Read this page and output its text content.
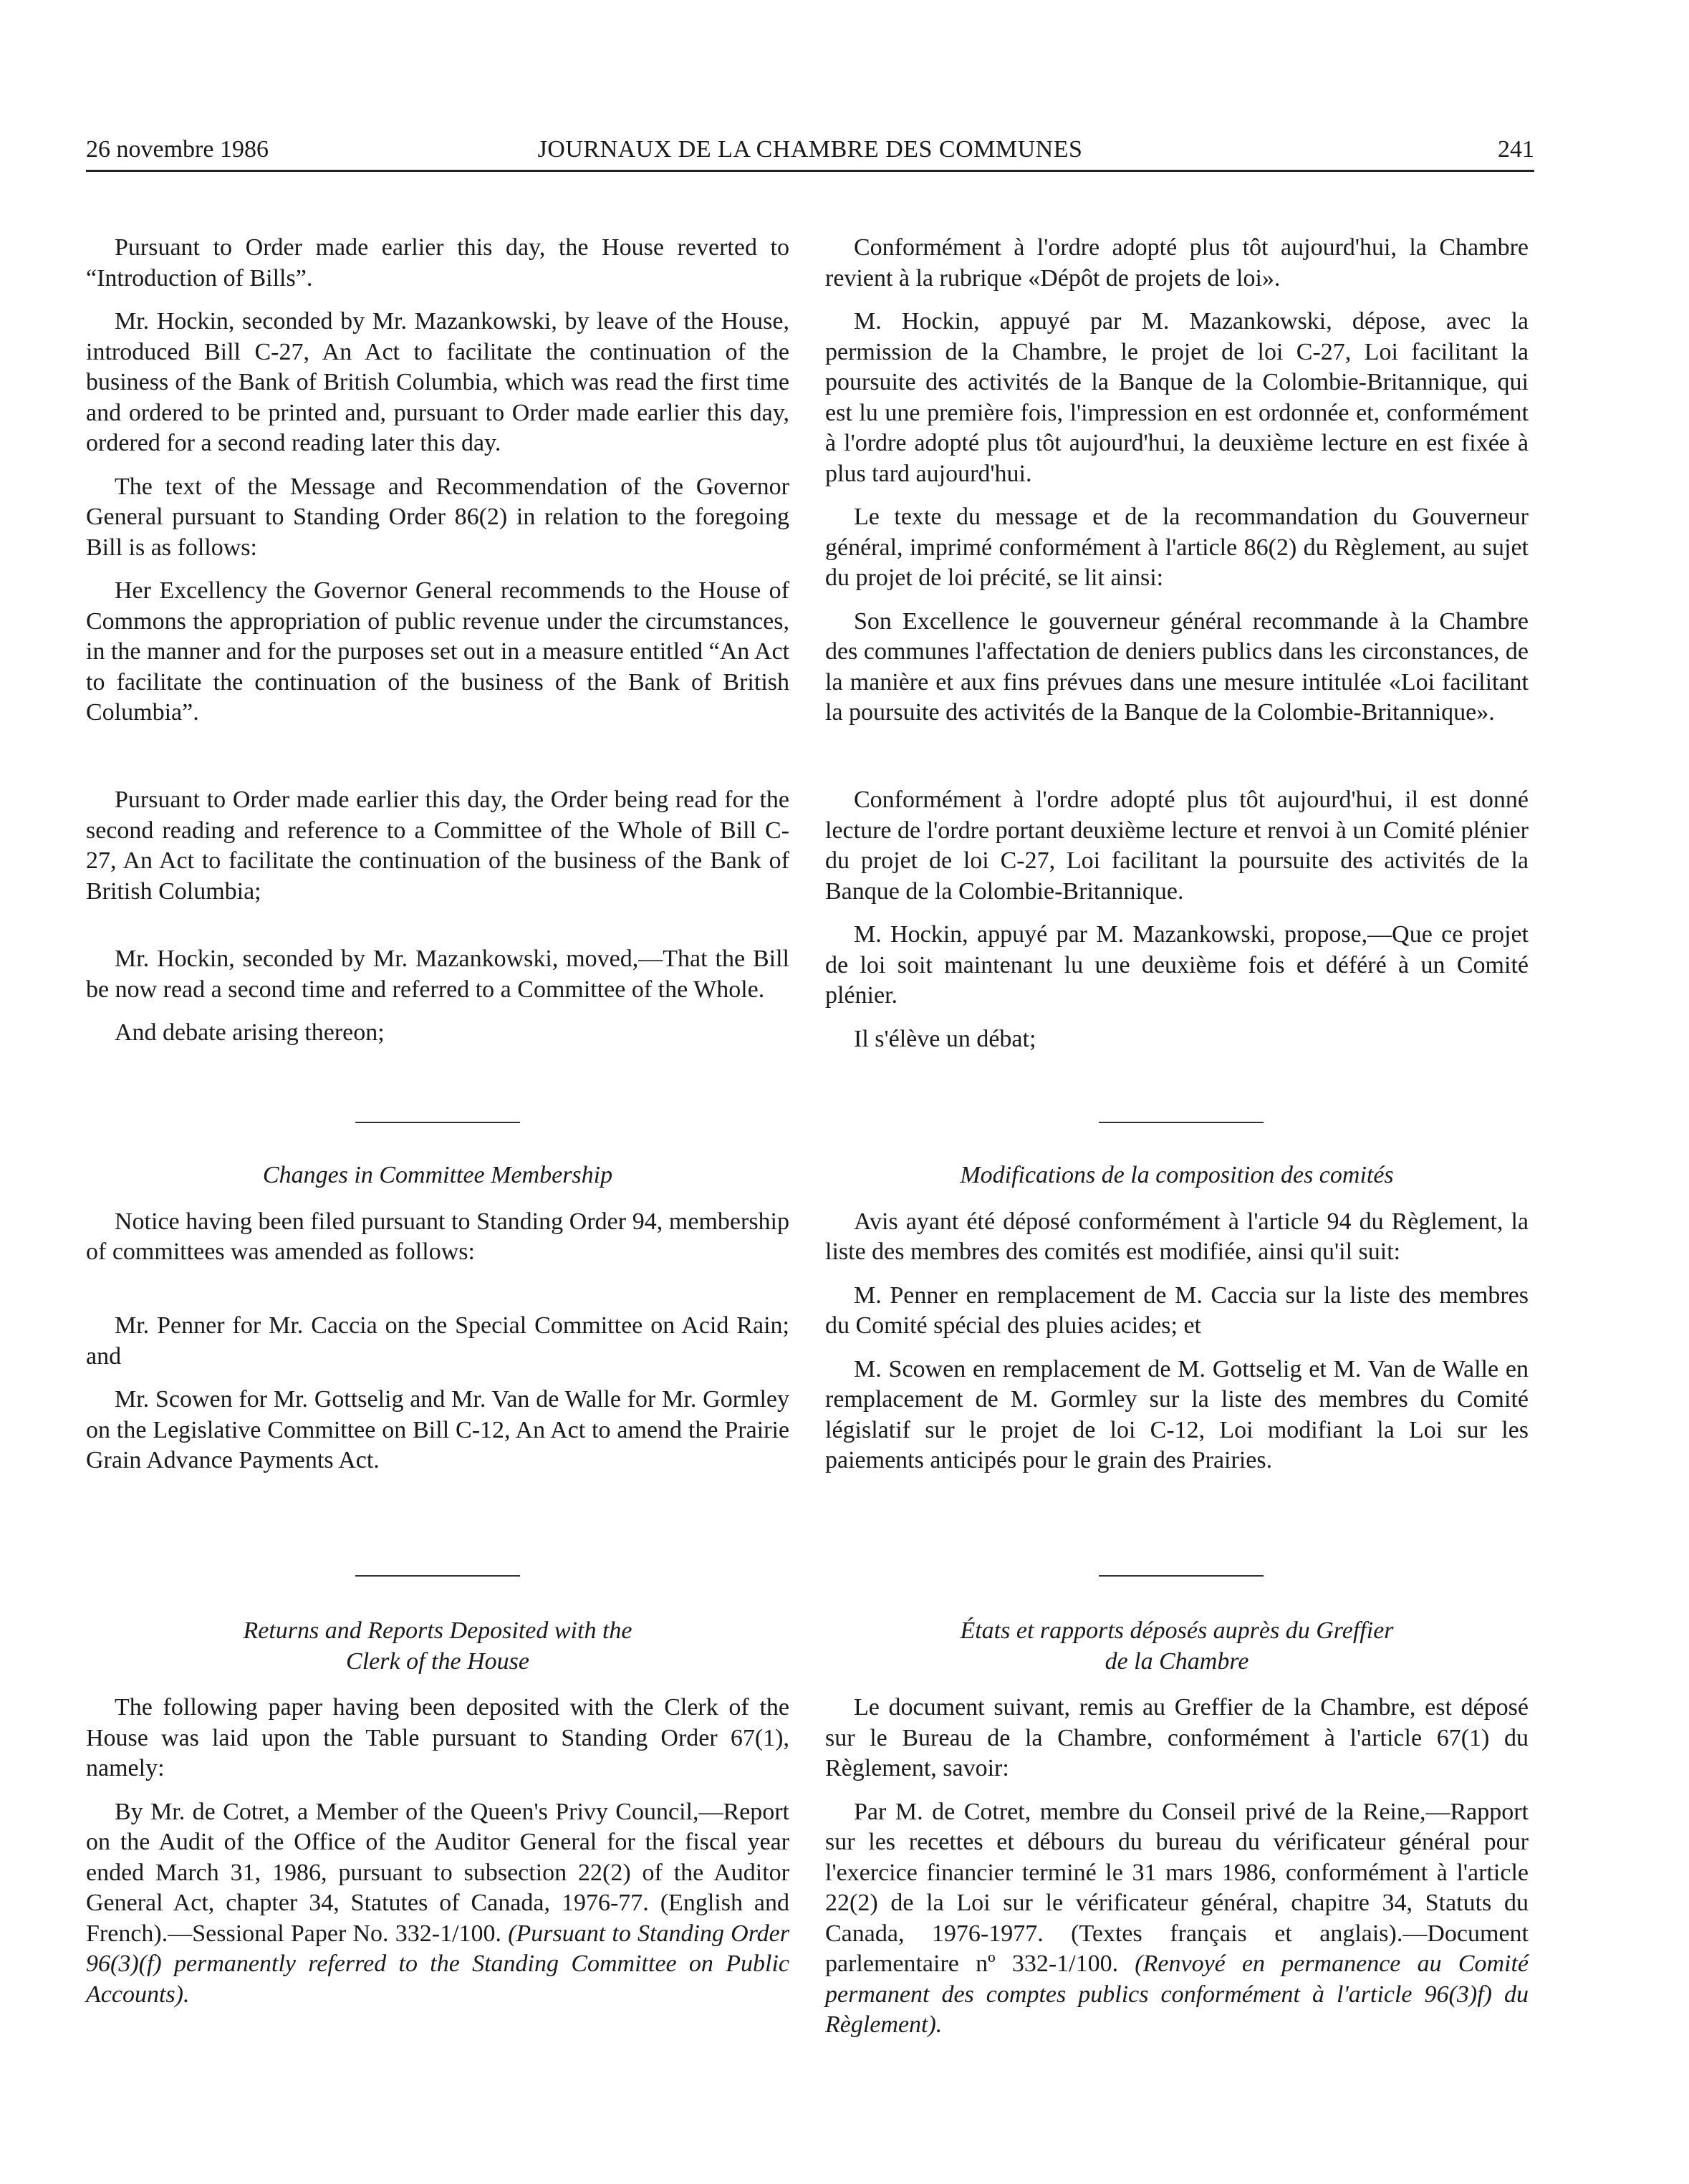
26 novembre 1986	JOURNAUX DE LA CHAMBRE DES COMMUNES	241

Pursuant to Order made earlier this day, the House reverted to “Introduction of Bills”.

Mr. Hockin, seconded by Mr. Mazankowski, by leave of the House, introduced Bill C-27, An Act to facilitate the continuation of the business of the Bank of British Columbia, which was read the first time and ordered to be printed and, pursuant to Order made earlier this day, ordered for a second reading later this day.

The text of the Message and Recommendation of the Governor General pursuant to Standing Order 86(2) in relation to the foregoing Bill is as follows:

Her Excellency the Governor General recommends to the House of Commons the appropriation of public revenue under the circumstances, in the manner and for the purposes set out in a measure entitled “An Act to facilitate the continuation of the business of the Bank of British Columbia”.

Pursuant to Order made earlier this day, the Order being read for the second reading and reference to a Committee of the Whole of Bill C-27, An Act to facilitate the continuation of the business of the Bank of British Columbia;

Mr. Hockin, seconded by Mr. Mazankowski, moved,—That the Bill be now read a second time and referred to a Committee of the Whole.

And debate arising thereon;

Changes in Committee Membership

Notice having been filed pursuant to Standing Order 94, membership of committees was amended as follows:

Mr. Penner for Mr. Caccia on the Special Committee on Acid Rain; and

Mr. Scowen for Mr. Gottselig and Mr. Van de Walle for Mr. Gormley on the Legislative Committee on Bill C-12, An Act to amend the Prairie Grain Advance Payments Act.

Returns and Reports Deposited with the

Clerk of the House

The following paper having been deposited with the Clerk of the House was laid upon the Table pursuant to Standing Order 67(1), namely:

By Mr. de Cotret, a Member of the Queen's Privy Council,—Report on the Audit of the Office of the Auditor General for the fiscal year ended March 31, 1986, pursuant to subsection 22(2) of the Auditor General Act, chapter 34, Statutes of Canada, 1976-77. (English and French).—Sessional Paper No. 332-1/100. (Pursuant to Standing Order 96(3)(f) permanently referred to the Standing Committee on Public Accounts).

Conformément à l'ordre adopté plus tôt aujourd'hui, la Chambre revient à la rubrique «Dépôt de projets de loi».

M. Hockin, appuyé par M. Mazankowski, dépose, avec la permission de la Chambre, le projet de loi C-27, Loi facilitant la poursuite des activités de la Banque de la Colombie-Britannique, qui est lu une première fois, l'impression en est ordonnée et, conformément à l'ordre adopté plus tôt aujourd'hui, la deuxième lecture en est fixée à plus tard aujourd'hui.

Le texte du message et de la recommandation du Gouverneur général, imprimé conformément à l'article 86(2) du Règlement, au sujet du projet de loi précité, se lit ainsi:

Son Excellence le gouverneur général recommande à la Chambre des communes l'affectation de deniers publics dans les circonstances, de la manière et aux fins prévues dans une mesure intitulée «Loi facilitant la poursuite des activités de la Banque de la Colombie-Britannique».

Conformément à l'ordre adopté plus tôt aujourd'hui, il est donné lecture de l'ordre portant deuxième lecture et renvoi à un Comité plénier du projet de loi C-27, Loi facilitant la poursuite des activités de la Banque de la Colombie-Britannique.

M. Hockin, appuyé par M. Mazankowski, propose,—Que ce projet de loi soit maintenant lu une deuxième fois et déféré à un Comité plénier.

Il s'élève un débat;

Modifications de la composition des comités

Avis ayant été déposé conformément à l'article 94 du Règlement, la liste des membres des comités est modifiée, ainsi qu'il suit:

M. Penner en remplacement de M. Caccia sur la liste des membres du Comité spécial des pluies acides; et

M. Scowen en remplacement de M. Gottselig et M. Van de Walle en remplacement de M. Gormley sur la liste des membres du Comité législatif sur le projet de loi C-12, Loi modifiant la Loi sur les paiements anticipés pour le grain des Prairies.

États et rapports déposés auprès du Greffier

de la Chambre

Le document suivant, remis au Greffier de la Chambre, est déposé sur le Bureau de la Chambre, conformément à l'article 67(1) du Règlement, savoir:

Par M. de Cotret, membre du Conseil privé de la Reine,—Rapport sur les recettes et débours du bureau du vérificateur général pour l'exercice financier terminé le 31 mars 1986, conformément à l'article 22(2) de la Loi sur le vérificateur général, chapitre 34, Statuts du Canada, 1976-1977. (Textes français et anglais).—Document parlementaire nº 332-1/100. (Renvoyé en permanence au Comité permanent des comptes publics conformément à l'article 96(3)f) du Règlement).
